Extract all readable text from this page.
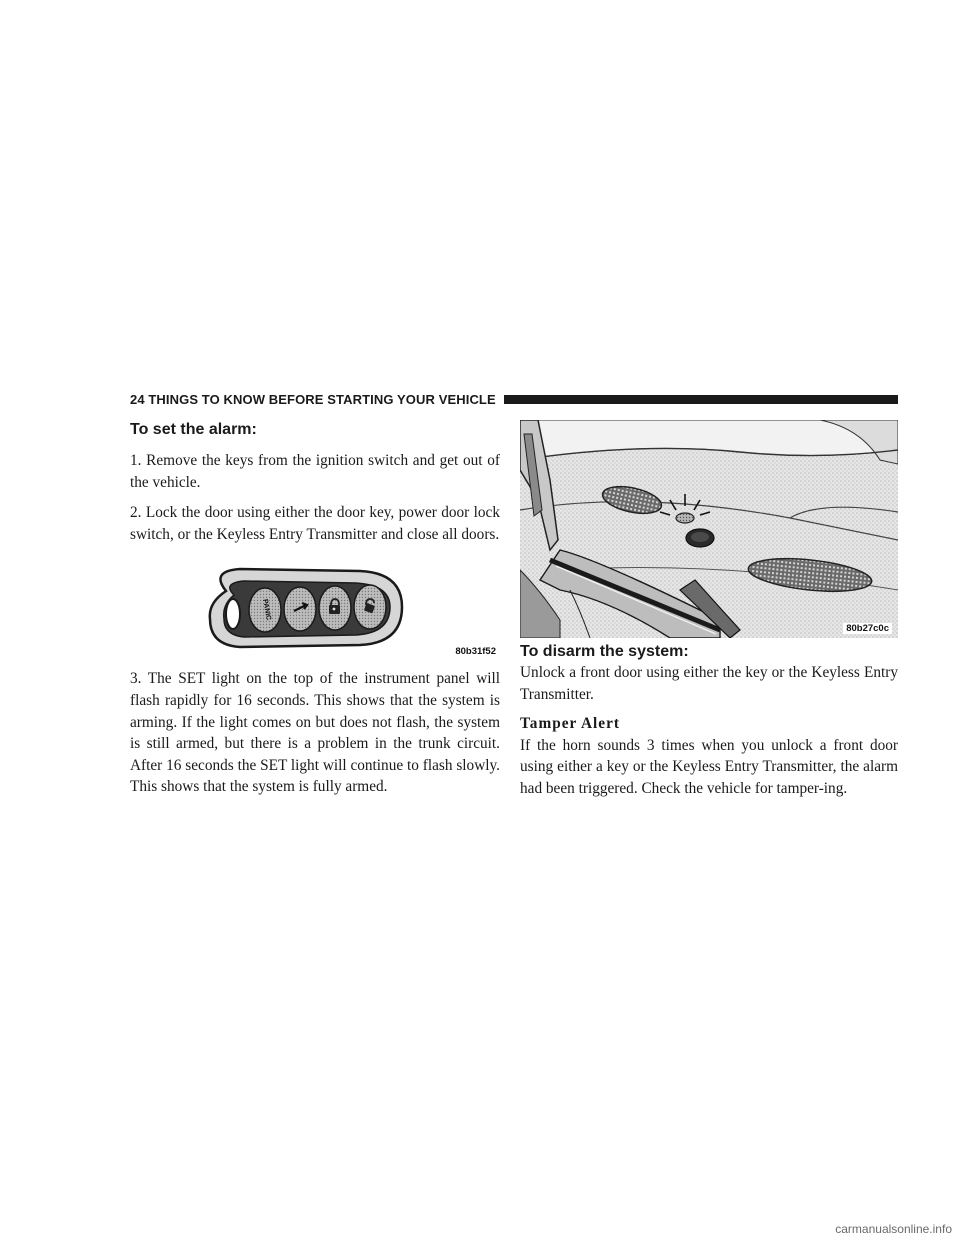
24 THINGS TO KNOW BEFORE STARTING YOUR VEHICLE
To set the alarm:

1. Remove the keys from the ignition switch and get out of the vehicle.

2. Lock the door using either the door key, power door lock switch, or the Keyless Entry Transmitter and close all doors.

PANIC
80b31f52

3. The SET light on the top of the instrument panel will flash rapidly for 16 seconds. This shows that the system is arming. If the light comes on but does not flash, the system is still armed, but there is a problem in the trunk circuit. After 16 seconds the SET light will continue to flash slowly. This shows that the system is fully armed.

80b27c0c
To disarm the system:

Unlock a front door using either the key or the Keyless Entry Transmitter.

Tamper Alert

If the horn sounds 3 times when you unlock a front door using either a key or the Keyless Entry Transmitter, the alarm had been triggered. Check the vehicle for tamper-ing.

carmanualsonline.info
